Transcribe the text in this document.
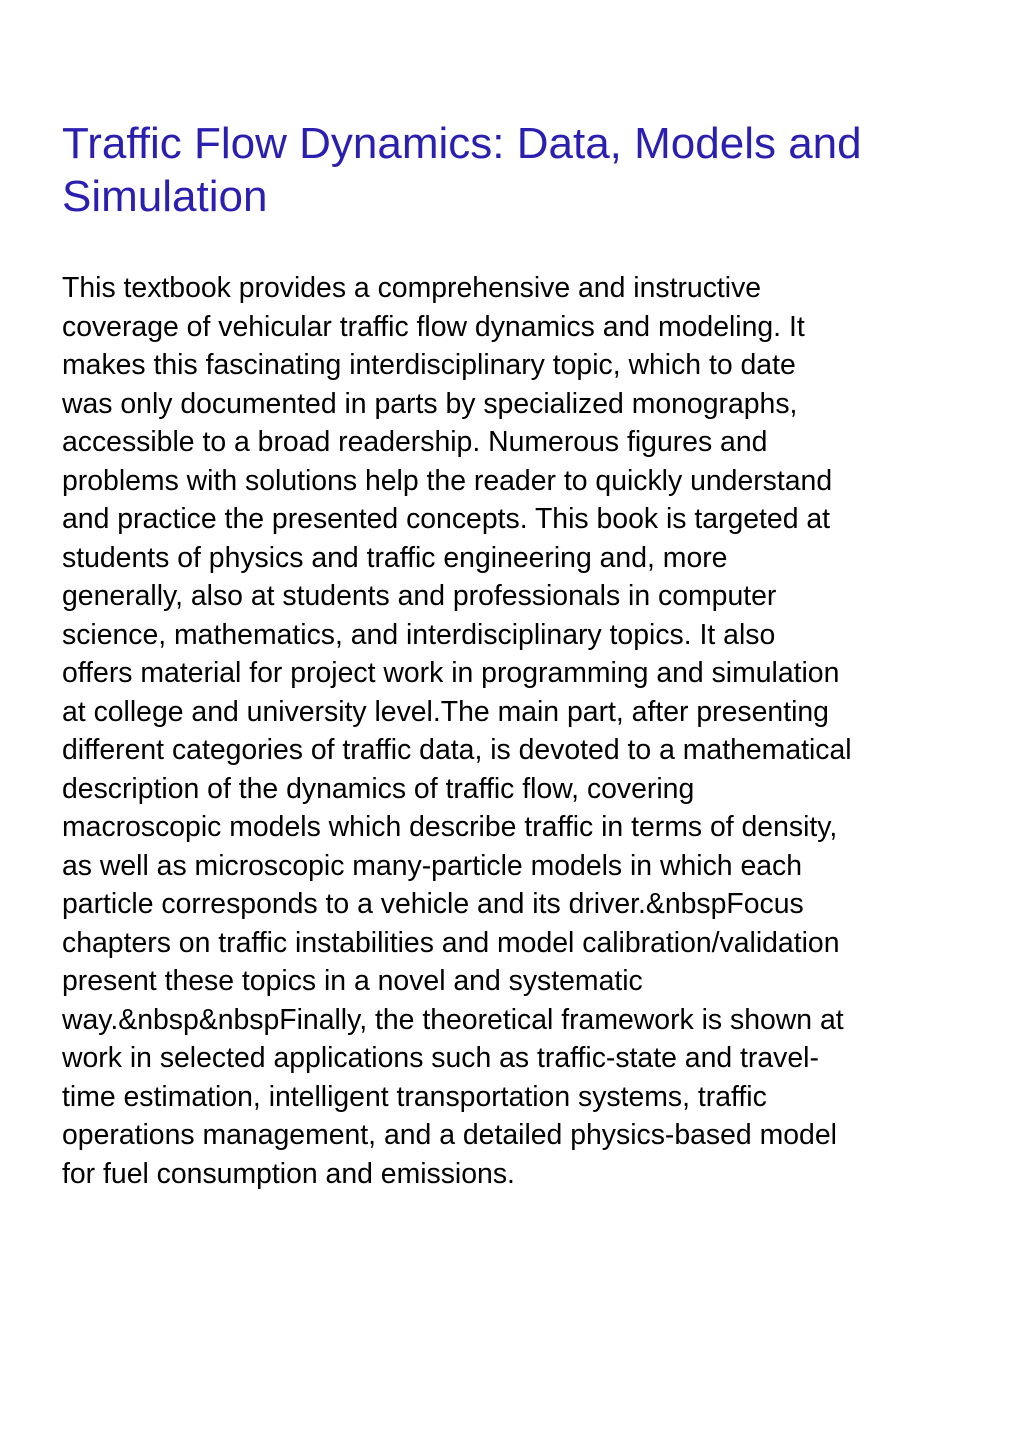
Traffic Flow Dynamics: Data, Models and Simulation
This textbook provides a comprehensive and instructive
coverage of vehicular traffic flow dynamics and modeling. It
makes this fascinating interdisciplinary topic, which to date
was only documented in parts by specialized monographs,
accessible to a broad readership. Numerous figures and
problems with solutions help the reader to quickly understand
and practice the presented concepts. This book is targeted at
students of physics and traffic engineering and, more
generally, also at students and professionals in computer
science, mathematics, and interdisciplinary topics. It also
offers material for project work in programming and simulation
at college and university level.The main part, after presenting
different categories of traffic data, is devoted to a mathematical
description of the dynamics of traffic flow, covering
macroscopic models which describe traffic in terms of density,
as well as microscopic many-particle models in which each
particle corresponds to a vehicle and its driver.&nbspFocus
chapters on traffic instabilities and model calibration/validation
present these topics in a novel and systematic
way.&nbsp&nbspFinally, the theoretical framework is shown at
work in selected applications such as traffic-state and travel-
time estimation, intelligent transportation systems, traffic
operations management, and a detailed physics-based model
for fuel consumption and emissions.
